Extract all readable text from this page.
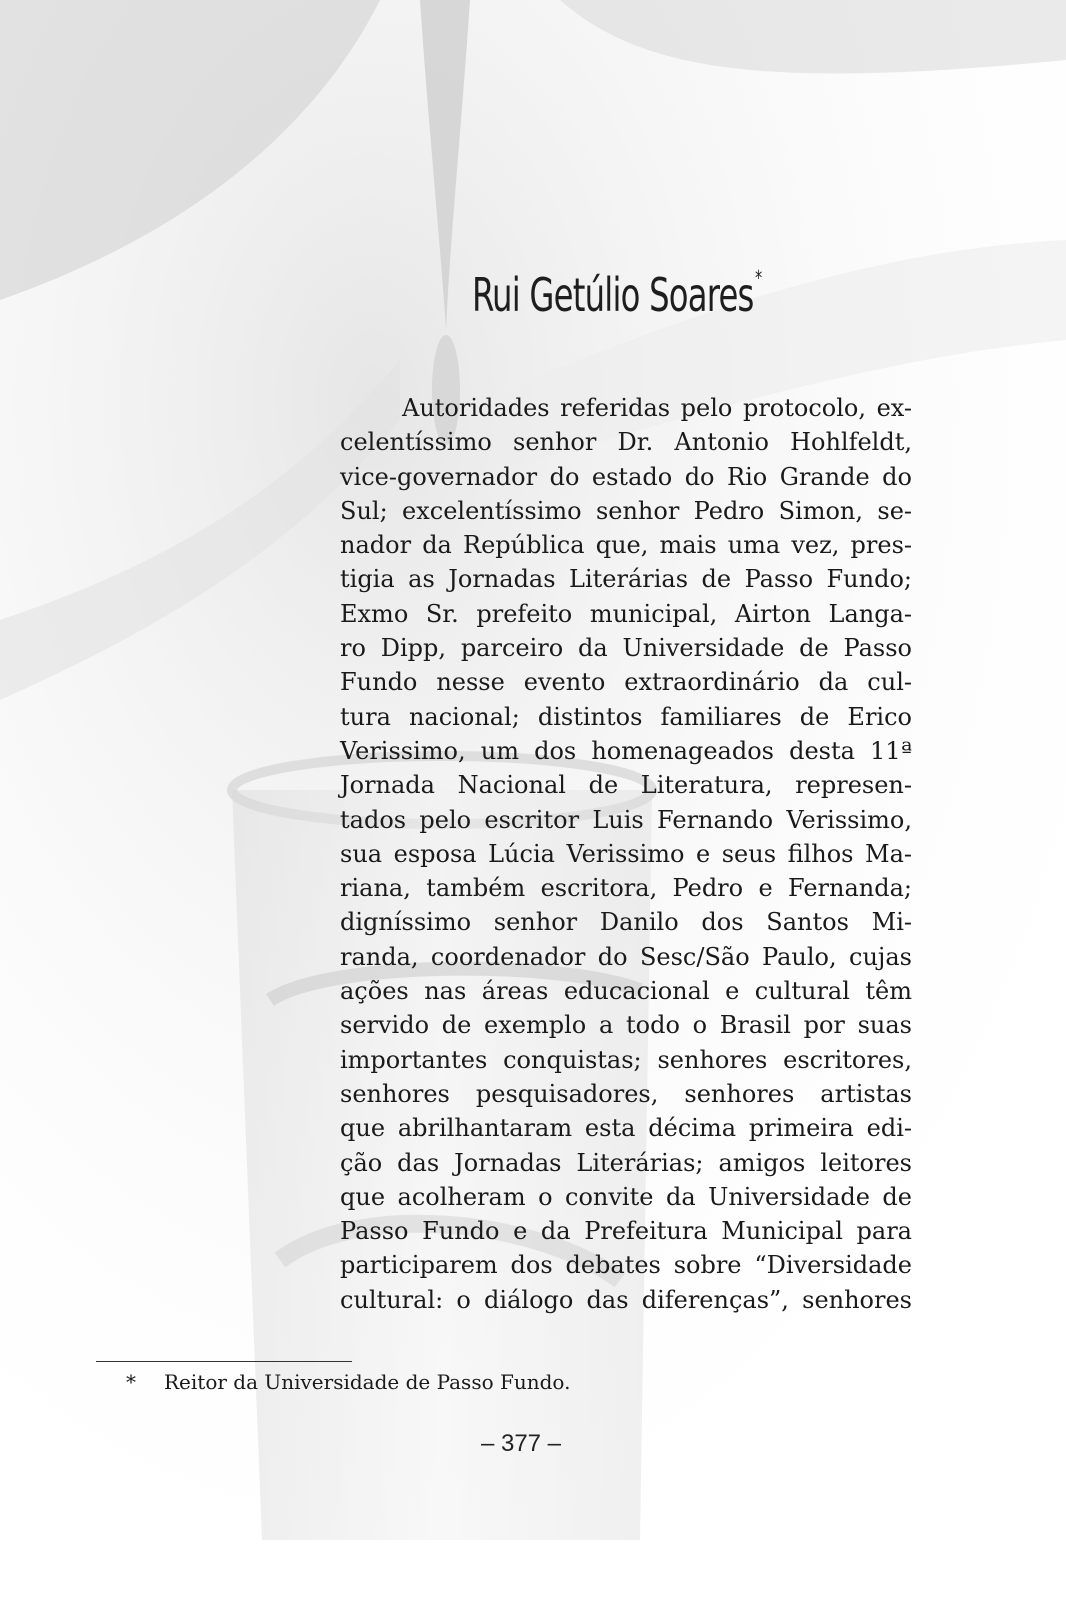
Rui Getúlio Soares*
Autoridades referidas pelo protocolo, ex-
celentíssimo senhor Dr. Antonio Hohlfeldt,
vice-governador do estado do Rio Grande do
Sul; excelentíssimo senhor Pedro Simon, se-
nador da República que, mais uma vez, pres-
tigia as Jornadas Literárias de Passo Fundo;
Exmo Sr. prefeito municipal, Airton Langa-
ro Dipp, parceiro da Universidade de Passo
Fundo nesse evento extraordinário da cul-
tura nacional; distintos familiares de Erico
Verissimo, um dos homenageados desta 11ª
Jornada Nacional de Literatura, represen-
tados pelo escritor Luis Fernando Verissimo,
sua esposa Lúcia Verissimo e seus filhos Ma-
riana, também escritora, Pedro e Fernanda;
digníssimo senhor Danilo dos Santos Mi-
randa, coordenador do Sesc/São Paulo, cujas
ações nas áreas educacional e cultural têm
servido de exemplo a todo o Brasil por suas
importantes conquistas; senhores escritores,
senhores pesquisadores, senhores artistas
que abrilhantaram esta décima primeira edi-
ção das Jornadas Literárias; amigos leitores
que acolheram o convite da Universidade de
Passo Fundo e da Prefeitura Municipal para
participarem dos debates sobre “Diversidade
cultural: o diálogo das diferenças”, senhores
* Reitor da Universidade de Passo Fundo.
– 377 –
